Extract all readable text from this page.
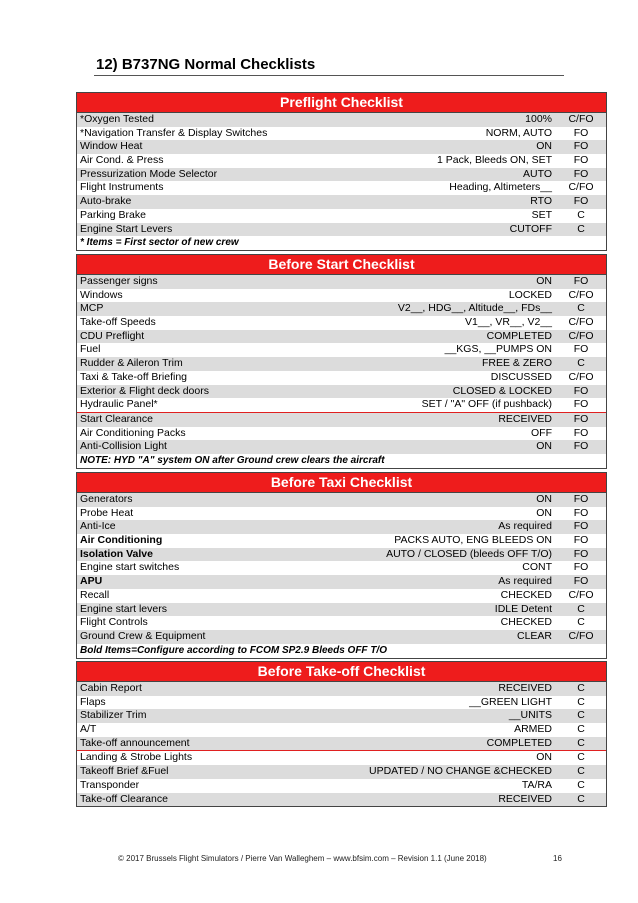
12) B737NG Normal Checklists
Preflight Checklist
*Oxygen Tested	100%	C/FO
*Navigation Transfer & Display Switches	NORM, AUTO	FO
Window Heat	ON	FO
Air Cond. & Press	1 Pack, Bleeds ON, SET	FO
Pressurization Mode Selector	AUTO	FO
Flight Instruments	Heading, Altimeters__	C/FO
Auto-brake	RTO	FO
Parking Brake	SET	C
Engine Start Levers	CUTOFF	C
* Items = First sector of new crew
Before Start Checklist
Passenger signs	ON	FO
Windows	LOCKED	C/FO
MCP	V2__, HDG__, Altitude__, FDs__	C
Take-off Speeds	V1__, VR__, V2__	C/FO
CDU Preflight	COMPLETED	C/FO
Fuel	__KGS, __PUMPS ON	FO
Rudder & Aileron Trim	FREE & ZERO	C
Taxi & Take-off Briefing	DISCUSSED	C/FO
Exterior & Flight deck doors	CLOSED & LOCKED	FO
Hydraulic Panel*	SET / "A" OFF (if pushback)	FO
Start Clearance	RECEIVED	FO
Air Conditioning Packs	OFF	FO
Anti-Collision Light	ON	FO
NOTE: HYD "A" system ON after Ground crew clears the aircraft
Before Taxi Checklist
Generators	ON	FO
Probe Heat	ON	FO
Anti-Ice	As required	FO
Air Conditioning	PACKS AUTO, ENG BLEEDS ON	FO
Isolation Valve	AUTO / CLOSED (bleeds OFF T/O)	FO
Engine start switches	CONT	FO
APU	As required	FO
Recall	CHECKED	C/FO
Engine start levers	IDLE Detent	C
Flight Controls	CHECKED	C
Ground Crew & Equipment	CLEAR	C/FO
Bold Items=Configure according to FCOM SP2.9 Bleeds OFF T/O
Before Take-off Checklist
Cabin Report	RECEIVED	C
Flaps	__GREEN LIGHT	C
Stabilizer Trim	__UNITS	C
A/T	ARMED	C
Take-off announcement	COMPLETED	C
Landing & Strobe Lights	ON	C
Takeoff Brief &Fuel	UPDATED / NO CHANGE &CHECKED	C
Transponder	TA/RA	C
Take-off Clearance	RECEIVED	C
© 2017 Brussels Flight Simulators / Pierre Van Walleghem – www.bfsim.com – Revision 1.1 (June 2018)	16
